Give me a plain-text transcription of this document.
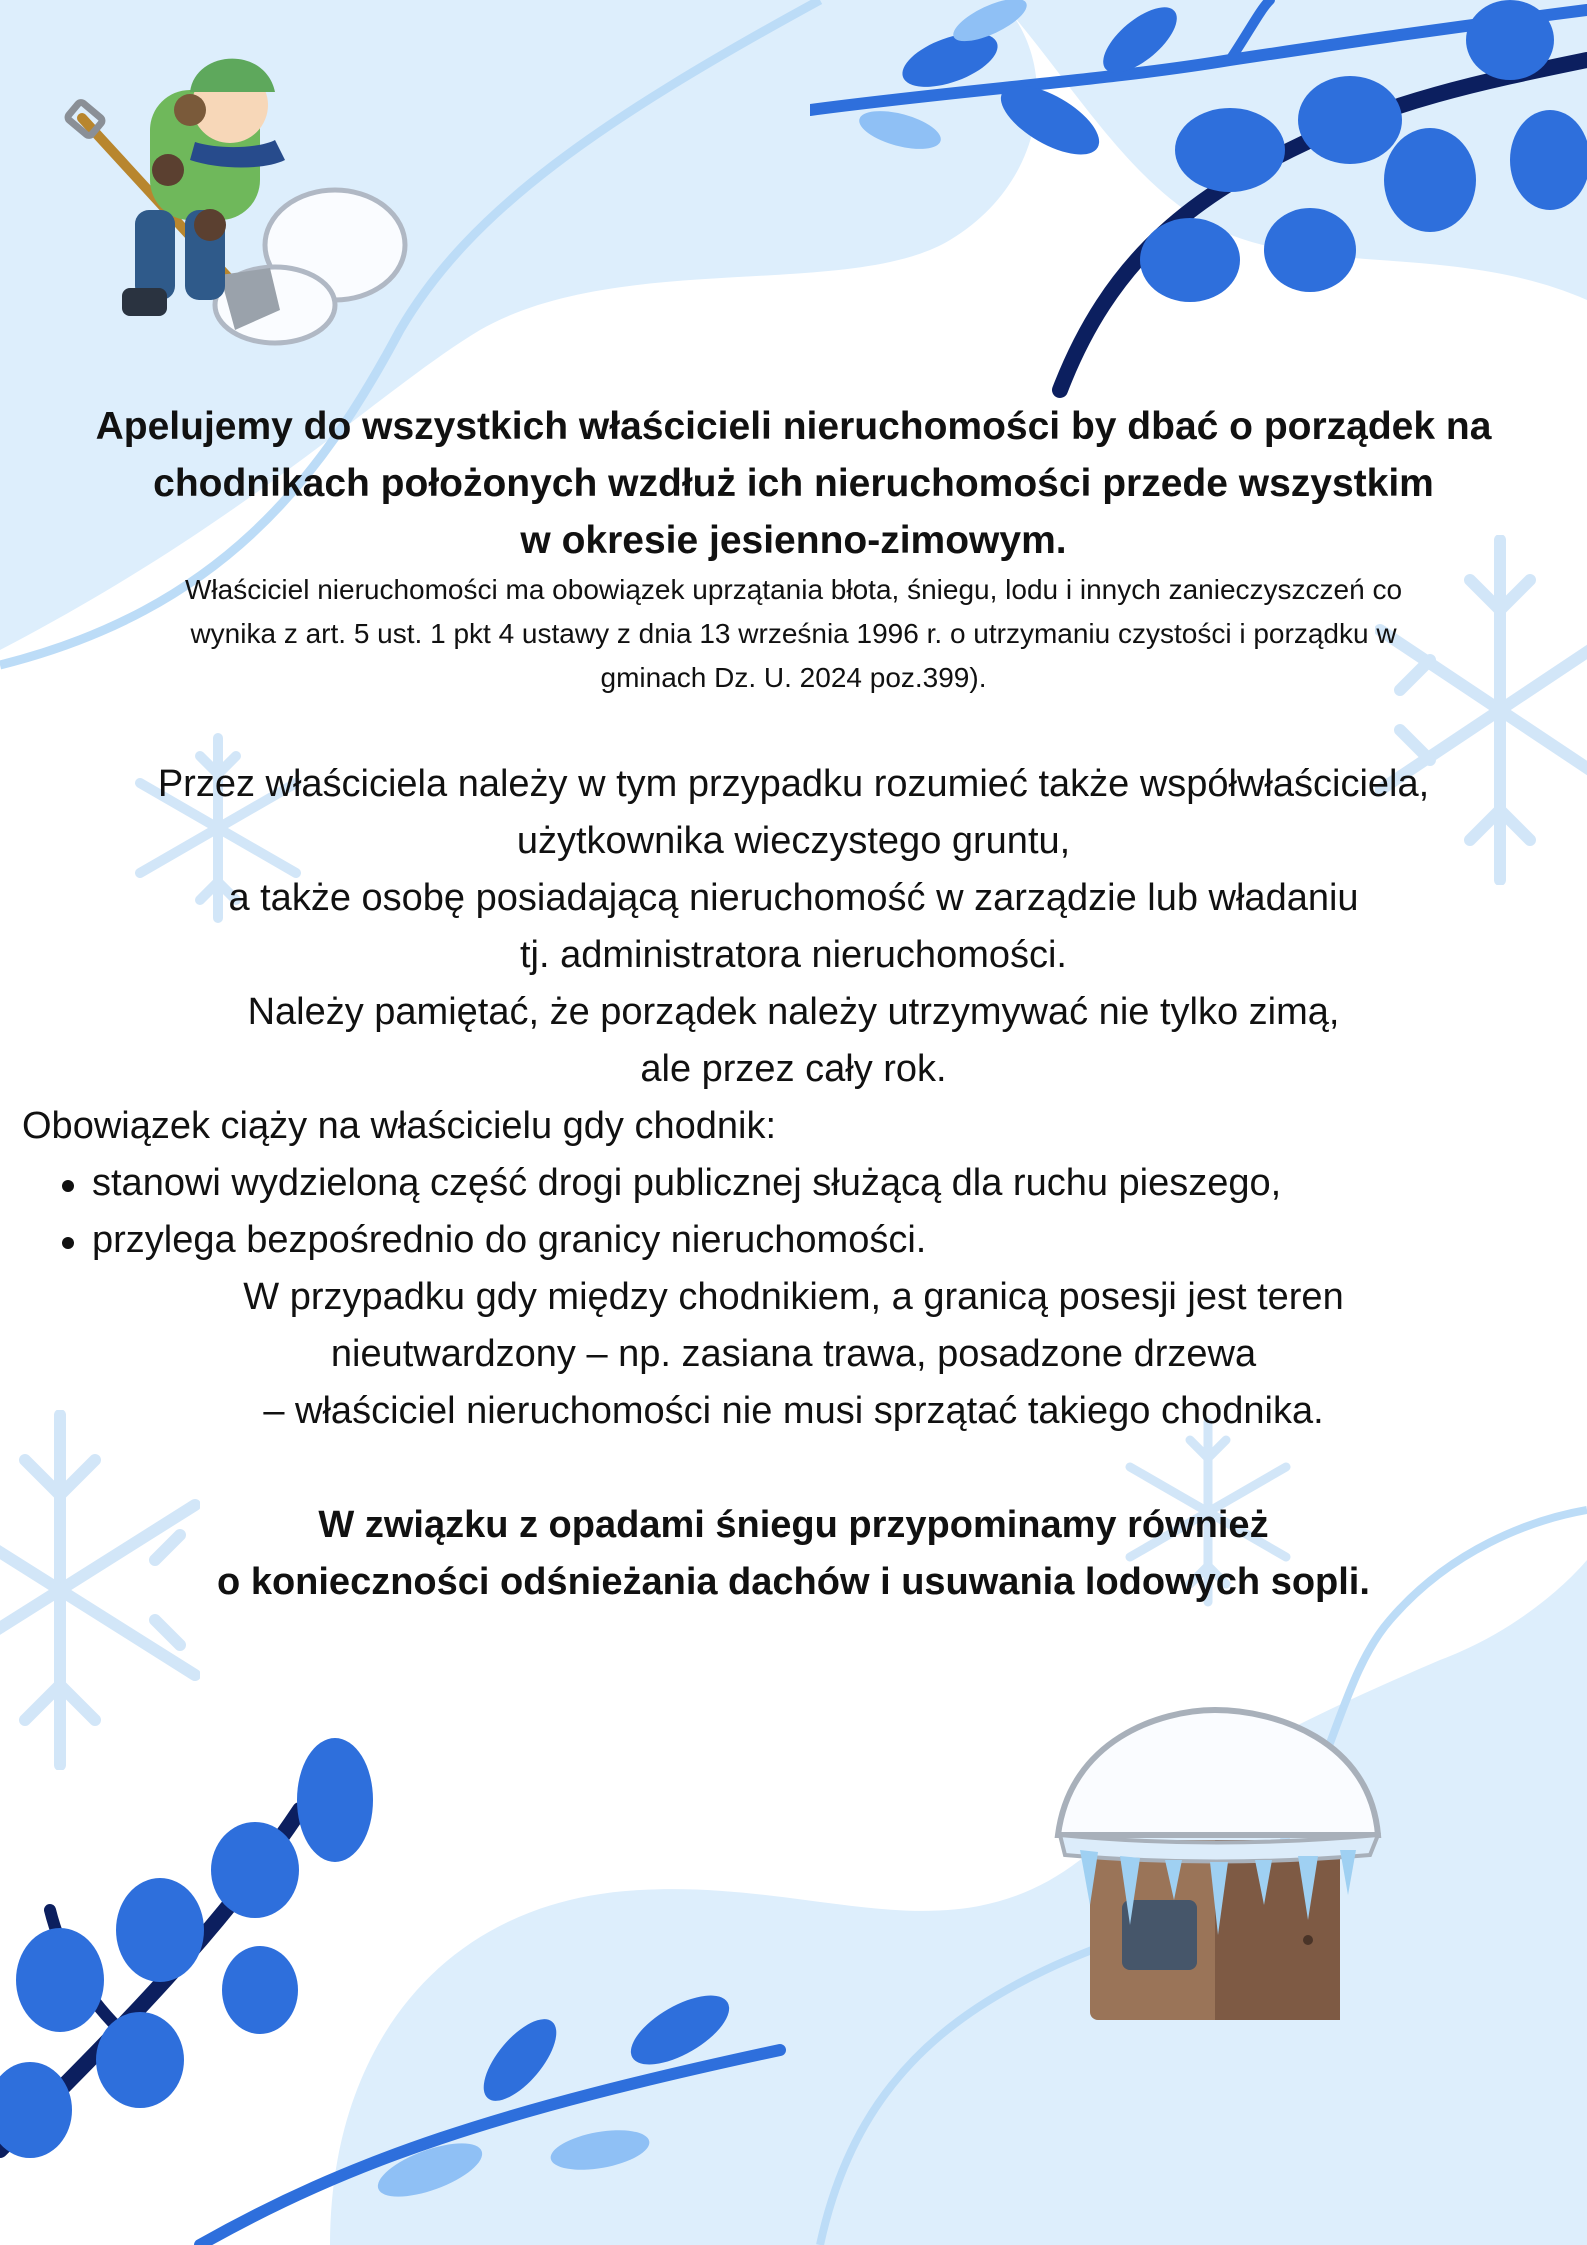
Apelujemy do wszystkich właścicieli nieruchomości by dbać o porządek na
chodnikach położonych wzdłuż ich nieruchomości przede wszystkim
w okresie jesienno-zimowym.

Właściciel nieruchomości ma obowiązek uprzątania błota, śniegu, lodu i innych zanieczyszczeń co
wynika z art. 5 ust. 1 pkt 4 ustawy z dnia 13 września 1996 r. o utrzymaniu czystości i porządku w
gminach Dz. U. 2024 poz.399).

Przez właściciela należy w tym przypadku rozumieć także współwłaściciela,
użytkownika wieczystego gruntu,
a także osobę posiadającą nieruchomość w zarządzie lub władaniu
tj. administratora nieruchomości.
Należy pamiętać, że porządek należy utrzymywać nie tylko zimą,
ale przez cały rok.
Obowiązek ciąży na właścicielu gdy chodnik:
stanowi wydzieloną część drogi publicznej służącą dla ruchu pieszego,
przylega bezpośrednio do granicy nieruchomości.
W przypadku gdy między chodnikiem, a granicą posesji jest teren
nieutwardzony – np. zasiana trawa, posadzone drzewa
– właściciel nieruchomości nie musi sprzątać takiego chodnika.
W związku z opadami śniegu przypominamy również
o konieczności odśnieżania dachów i usuwania lodowych sopli.
